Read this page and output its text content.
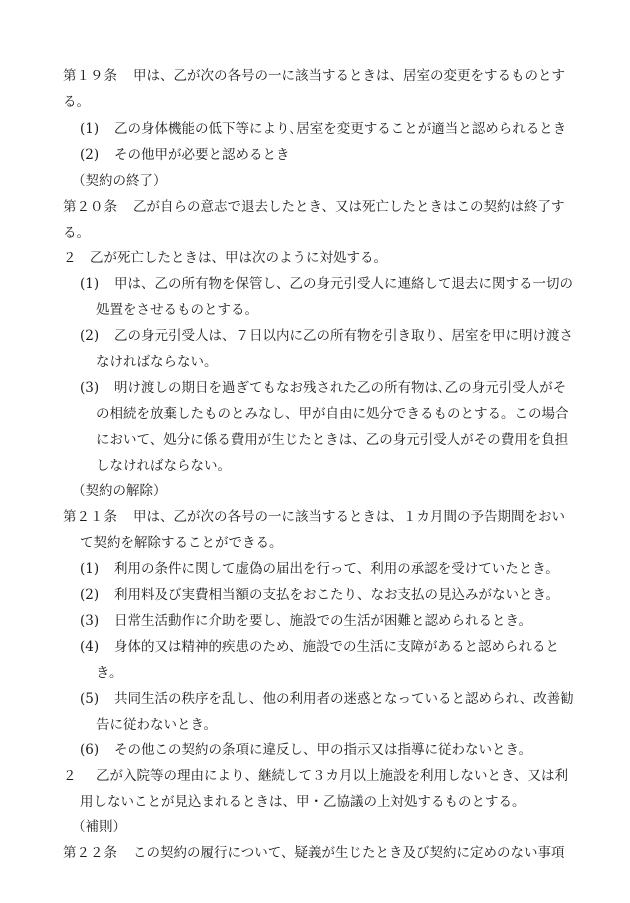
第１９条 甲は、乙が次の各号の一に該当するときは、居室の変更をするものとす
る。
(1) 乙の身体機能の低下等により､居室を変更することが適当と認められるとき
(2) その他甲が必要と認めるとき
（契約の終了）
第２０条 乙が自らの意志で退去したとき、又は死亡したときはこの契約は終了す
る。
２ 乙が死亡したときは、甲は次のように対処する。
(1) 甲は、乙の所有物を保管し、乙の身元引受人に連絡して退去に関する一切の
処置をさせるものとする。
(2) 乙の身元引受人は、７日以内に乙の所有物を引き取り、居室を甲に明け渡さ
なければならない。
(3) 明け渡しの期日を過ぎてもなお残された乙の所有物は､乙の身元引受人がそ
の相続を放棄したものとみなし、甲が自由に処分できるものとする。この場合
において、処分に係る費用が生じたときは、乙の身元引受人がその費用を負担
しなければならない。
（契約の解除）
第２１条 甲は、乙が次の各号の一に該当するときは、１カ月間の予告期間をおい
て契約を解除することができる。
(1) 利用の条件に関して虚偽の届出を行って、利用の承認を受けていたとき。
(2) 利用料及び実費相当額の支払をおこたり、なお支払の見込みがないとき。
(3) 日常生活動作に介助を要し、施設での生活が困難と認められるとき。
(4) 身体的又は精神的疾患のため、施設での生活に支障があると認められると
き。
(5) 共同生活の秩序を乱し、他の利用者の迷惑となっていると認められ、改善勧
告に従わないとき。
(6) その他この契約の条項に違反し、甲の指示又は指導に従わないとき。
２ 乙が入院等の理由により、継続して３カ月以上施設を利用しないとき、又は利
用しないことが見込まれるときは、甲・乙協議の上対処するものとする。
（補則）
第２２条 この契約の履行について、疑義が生じたとき及び契約に定めのない事項
